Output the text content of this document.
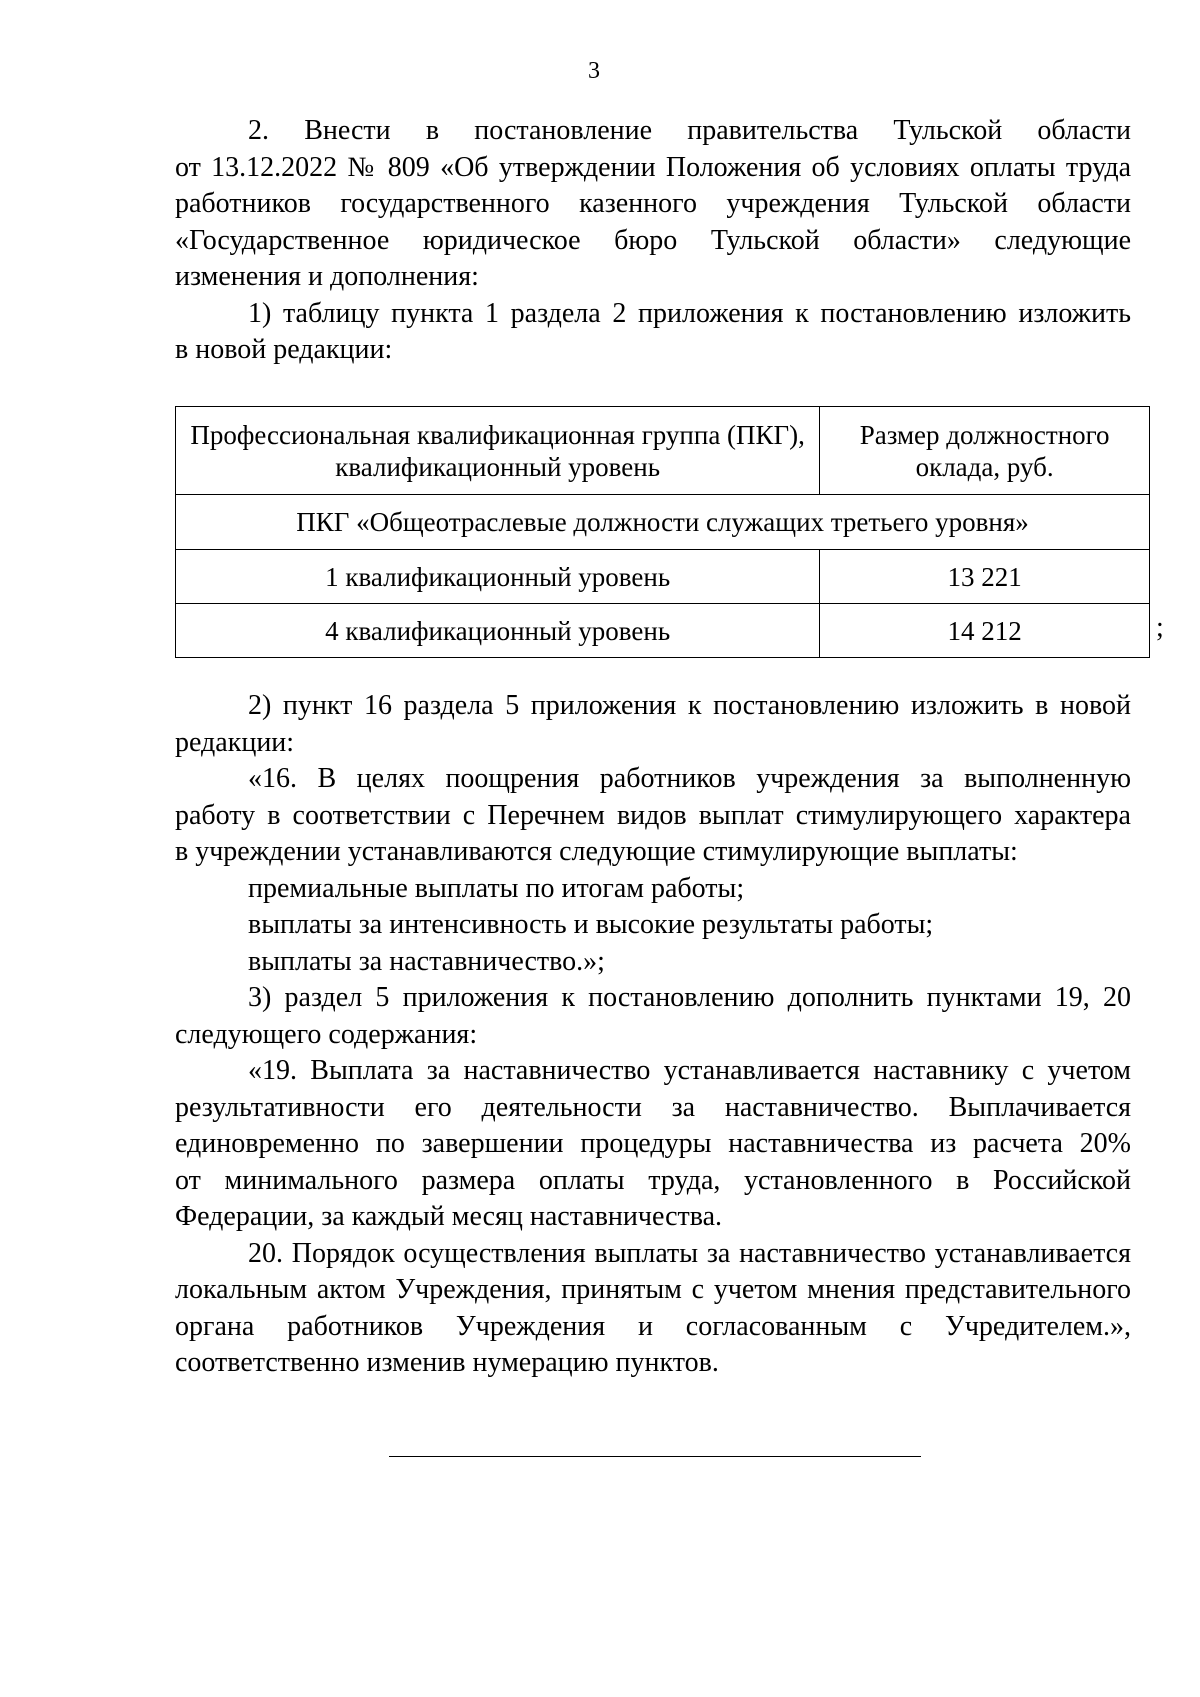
3
2. Внести в постановление правительства Тульской области
от 13.12.2022 № 809 «Об утверждении Положения об условиях оплаты труда
работников государственного казенного учреждения Тульской области
«Государственное юридическое бюро Тульской области» следующие
изменения и дополнения:
1) таблицу пункта 1 раздела 2 приложения к постановлению изложить
в новой редакции:
Профессиональная квалификационная группа (ПКГ), квалификационный уровень	Размер должностного оклада, руб.
ПКГ «Общеотраслевые должности служащих третьего уровня»	
1 квалификационный уровень	13 221
4 квалификационный уровень	14 212	;
2) пункт 16 раздела 5 приложения к постановлению изложить в новой
редакции:
«16. В целях поощрения работников учреждения за выполненную
работу в соответствии с Перечнем видов выплат стимулирующего характера
в учреждении устанавливаются следующие стимулирующие выплаты:
премиальные выплаты по итогам работы;
выплаты за интенсивность и высокие результаты работы;
выплаты за наставничество.»;
3) раздел 5 приложения к постановлению дополнить пунктами 19, 20
следующего содержания:
«19. Выплата за наставничество устанавливается наставнику с учетом
результативности его деятельности за наставничество. Выплачивается
единовременно по завершении процедуры наставничества из расчета 20%
от минимального размера оплаты труда, установленного в Российской
Федерации, за каждый месяц наставничества.
20. Порядок осуществления выплаты за наставничество устанавливается
локальным актом Учреждения, принятым с учетом мнения представительного
органа работников Учреждения и согласованным с Учредителем.»,
соответственно изменив нумерацию пунктов.
